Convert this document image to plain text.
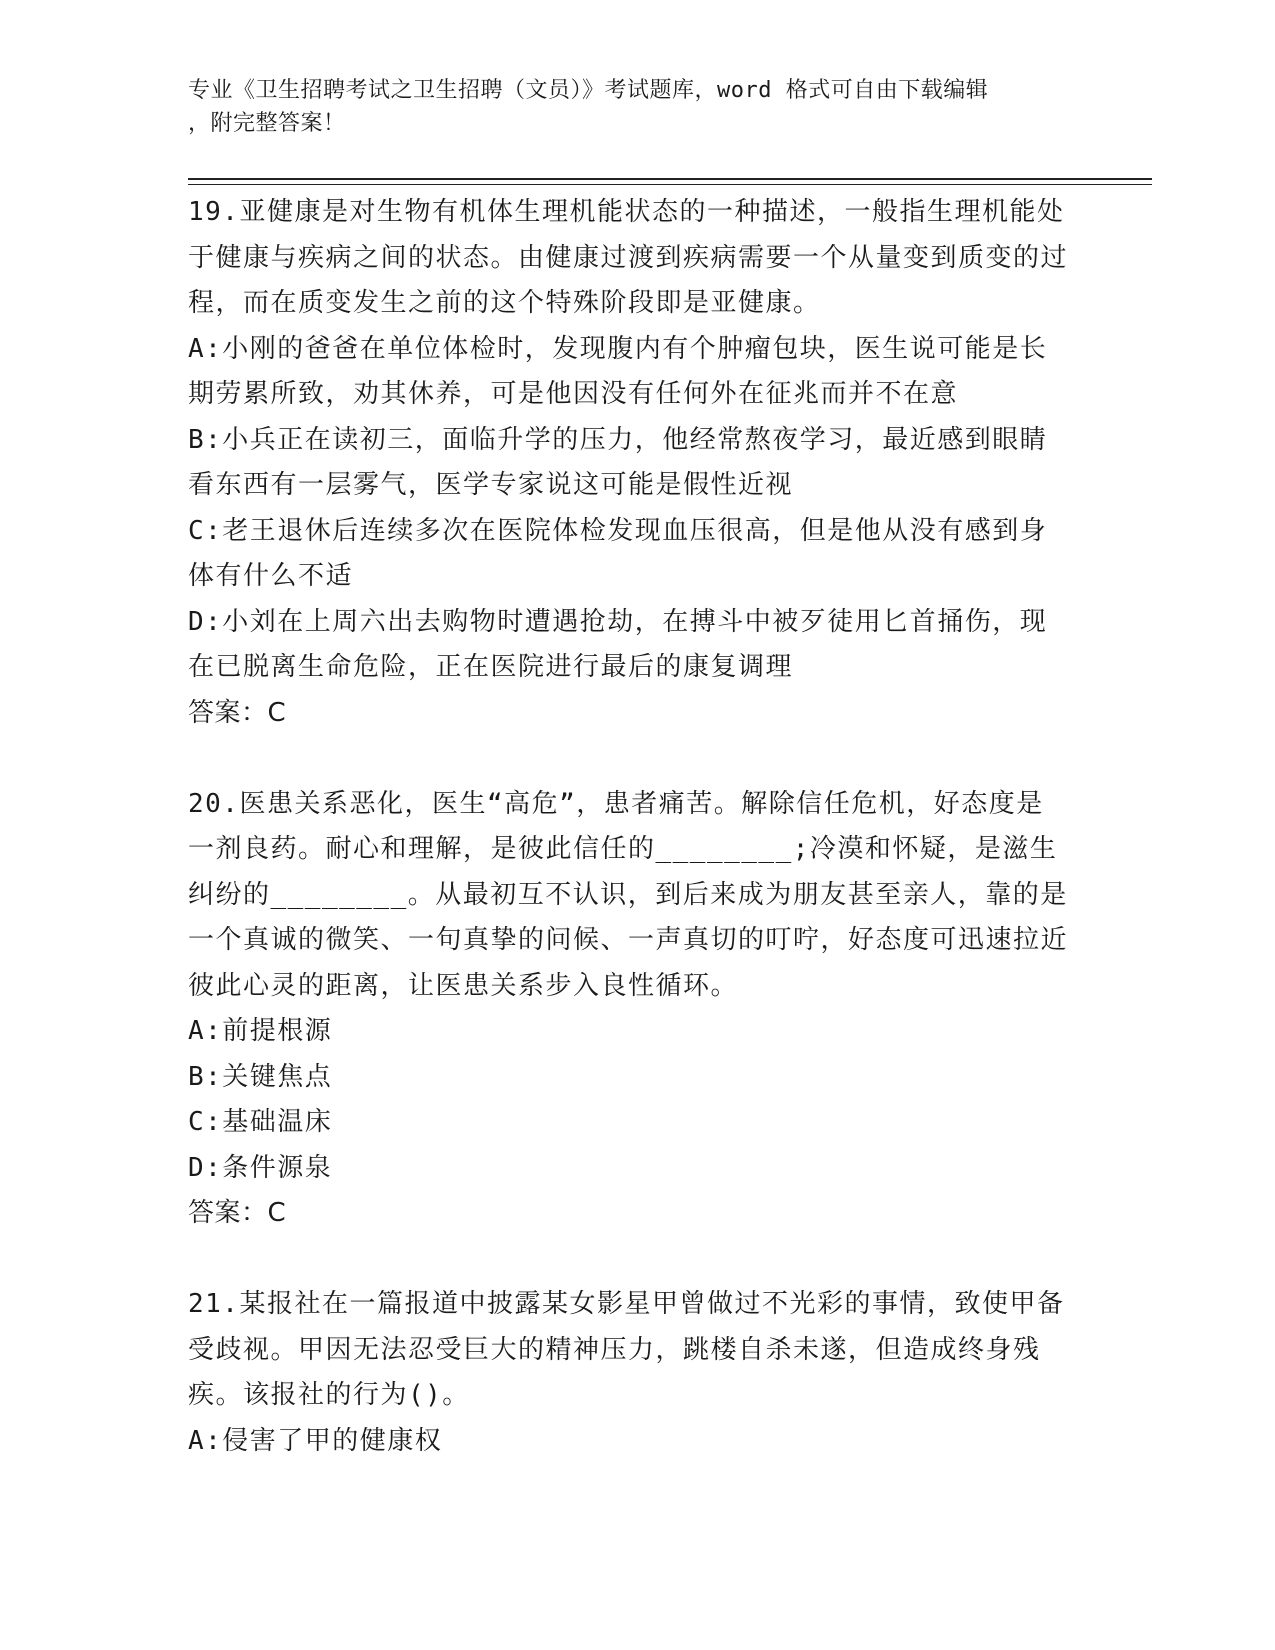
专业《卫生招聘考试之卫生招聘（文员）》考试题库，word 格式可自由下载编辑
，附完整答案！

19.亚健康是对生物有机体生理机能状态的一种描述，一般指生理机能处于健康与疾病之间的状态。由健康过渡到疾病需要一个从量变到质变的过程，而在质变发生之前的这个特殊阶段即是亚健康。

A:小刚的爸爸在单位体检时，发现腹内有个肿瘤包块，医生说可能是长期劳累所致，劝其休养，可是他因没有任何外在征兆而并不在意

B:小兵正在读初三，面临升学的压力，他经常熬夜学习，最近感到眼睛看东西有一层雾气，医学专家说这可能是假性近视

C:老王退休后连续多次在医院体检发现血压很高，但是他从没有感到身体有什么不适

D:小刘在上周六出去购物时遭遇抢劫，在搏斗中被歹徒用匕首捅伤，现在已脱离生命危险，正在医院进行最后的康复调理

答案：C

20.医患关系恶化，医生“高危”，患者痛苦。解除信任危机，好态度是一剂良药。耐心和理解，是彼此信任的________;冷漠和怀疑，是滋生纠纷的________。从最初互不认识，到后来成为朋友甚至亲人，靠的是一个真诚的微笑、一句真挚的问候、一声真切的叮咛，好态度可迅速拉近彼此心灵的距离，让医患关系步入良性循环。

A:前提根源

B:关键焦点

C:基础温床

D:条件源泉

答案：C

21.某报社在一篇报道中披露某女影星甲曾做过不光彩的事情，致使甲备受歧视。甲因无法忍受巨大的精神压力，跳楼自杀未遂，但造成终身残疾。该报社的行为()。

A:侵害了甲的健康权
